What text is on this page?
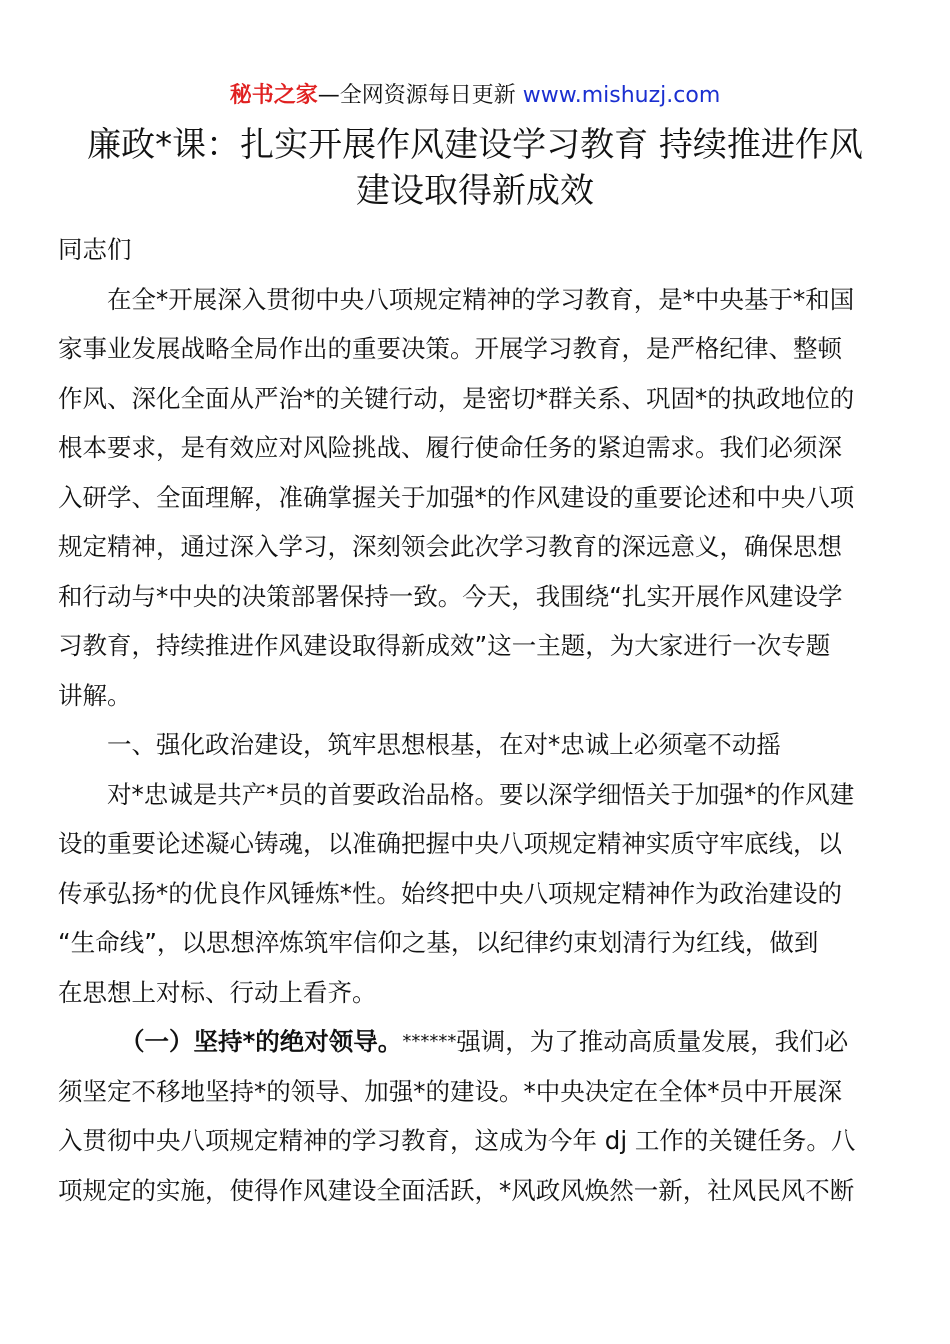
秘书之家—全网资源每日更新 www.mishuzj.com
廉政*课：扎实开展作风建设学习教育 持续推进作风
建设取得新成效
同志们
在全*开展深入贯彻中央八项规定精神的学习教育，是*中央基于*和国
家事业发展战略全局作出的重要决策。开展学习教育，是严格纪律、整顿
作风、深化全面从严治*的关键行动，是密切*群关系、巩固*的执政地位的
根本要求，是有效应对风险挑战、履行使命任务的紧迫需求。我们必须深
入研学、全面理解，准确掌握关于加强*的作风建设的重要论述和中央八项
规定精神，通过深入学习，深刻领会此次学习教育的深远意义，确保思想
和行动与*中央的决策部署保持一致。今天，我围绕“扎实开展作风建设学
习教育，持续推进作风建设取得新成效”这一主题，为大家进行一次专题
讲解。
一、强化政治建设，筑牢思想根基，在对*忠诚上必须毫不动摇
对*忠诚是共产*员的首要政治品格。要以深学细悟关于加强*的作风建
设的重要论述凝心铸魂，以准确把握中央八项规定精神实质守牢底线，以
传承弘扬*的优良作风锤炼*性。始终把中央八项规定精神作为政治建设的
“生命线”，以思想淬炼筑牢信仰之基，以纪律约束划清行为红线，做到
在思想上对标、行动上看齐。
（一）坚持*的绝对领导。******强调，为了推动高质量发展，我们必
须坚定不移地坚持*的领导、加强*的建设。*中央决定在全体*员中开展深
入贯彻中央八项规定精神的学习教育，这成为今年 dj 工作的关键任务。八
项规定的实施，使得作风建设全面活跃，*风政风焕然一新，社风民风不断
